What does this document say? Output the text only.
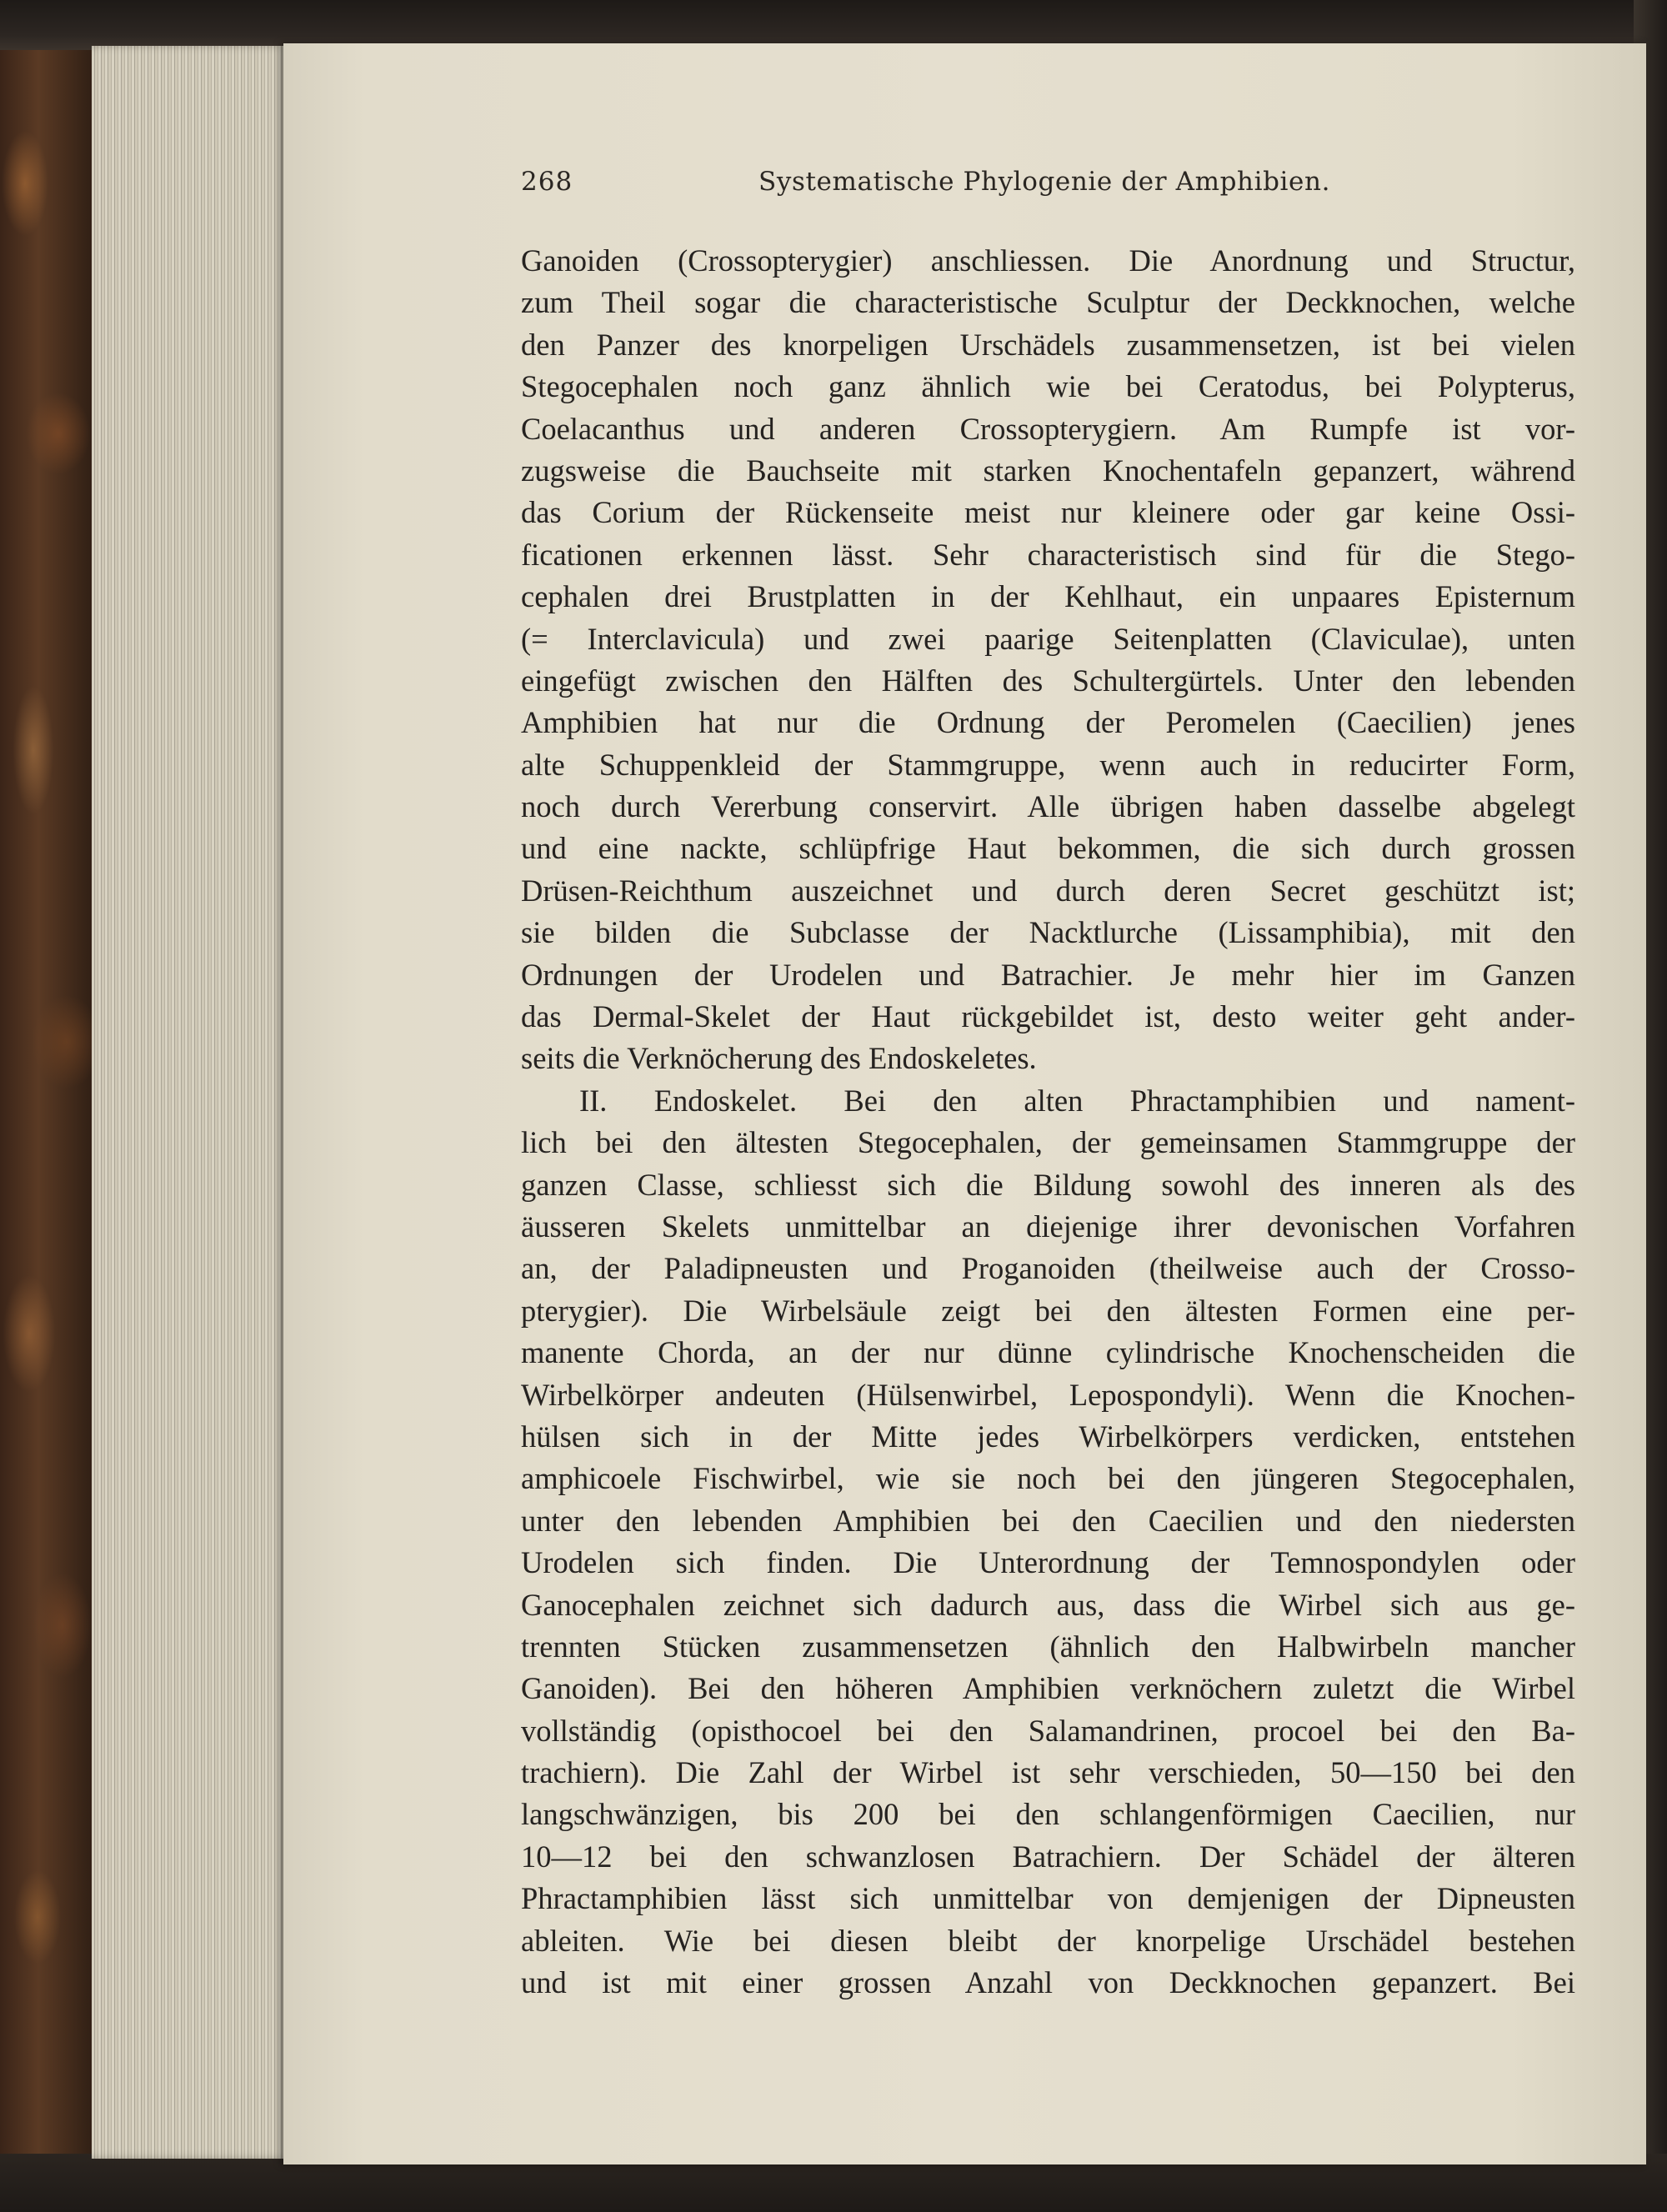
268	Systematische Phylogenie der Amphibien.
Ganoiden (Crossopterygier) anschliessen. Die Anordnung und Structur,
zum Theil sogar die characteristische Sculptur der Deckknochen, welche
den Panzer des knorpeligen Urschädels zusammensetzen, ist bei vielen
Stegocephalen noch ganz ähnlich wie bei Ceratodus, bei Polypterus,
Coelacanthus und anderen Crossopterygiern. Am Rumpfe ist vor-
zugsweise die Bauchseite mit starken Knochentafeln gepanzert, während
das Corium der Rückenseite meist nur kleinere oder gar keine Ossi-
ficationen erkennen lässt. Sehr characteristisch sind für die Stego-
cephalen drei Brustplatten in der Kehlhaut, ein unpaares Episternum
(= Interclavicula) und zwei paarige Seitenplatten (Claviculae), unten
eingefügt zwischen den Hälften des Schultergürtels. Unter den lebenden
Amphibien hat nur die Ordnung der Peromelen (Caecilien) jenes
alte Schuppenkleid der Stammgruppe, wenn auch in reducirter Form,
noch durch Vererbung conservirt. Alle übrigen haben dasselbe abgelegt
und eine nackte, schlüpfrige Haut bekommen, die sich durch grossen
Drüsen-Reichthum auszeichnet und durch deren Secret geschützt ist;
sie bilden die Subclasse der Nacktlurche (Lissamphibia), mit den
Ordnungen der Urodelen und Batrachier. Je mehr hier im Ganzen
das Dermal-Skelet der Haut rückgebildet ist, desto weiter geht ander-
seits die Verknöcherung des Endoskeletes.
II. Endoskelet. Bei den alten Phractamphibien und nament-
lich bei den ältesten Stegocephalen, der gemeinsamen Stammgruppe der
ganzen Classe, schliesst sich die Bildung sowohl des inneren als des
äusseren Skelets unmittelbar an diejenige ihrer devonischen Vorfahren
an, der Paladipneusten und Proganoiden (theilweise auch der Crosso-
pterygier). Die Wirbelsäule zeigt bei den ältesten Formen eine per-
manente Chorda, an der nur dünne cylindrische Knochenscheiden die
Wirbelkörper andeuten (Hülsenwirbel, Lepospondyli). Wenn die Knochen-
hülsen sich in der Mitte jedes Wirbelkörpers verdicken, entstehen
amphicoele Fischwirbel, wie sie noch bei den jüngeren Stegocephalen,
unter den lebenden Amphibien bei den Caecilien und den niedersten
Urodelen sich finden. Die Unterordnung der Temnospondylen oder
Ganocephalen zeichnet sich dadurch aus, dass die Wirbel sich aus ge-
trennten Stücken zusammensetzen (ähnlich den Halbwirbeln mancher
Ganoiden). Bei den höheren Amphibien verknöchern zuletzt die Wirbel
vollständig (opisthocoel bei den Salamandrinen, procoel bei den Ba-
trachiern). Die Zahl der Wirbel ist sehr verschieden, 50—150 bei den
langschwänzigen, bis 200 bei den schlangenförmigen Caecilien, nur
10—12 bei den schwanzlosen Batrachiern. Der Schädel der älteren
Phractamphibien lässt sich unmittelbar von demjenigen der Dipneusten
ableiten. Wie bei diesen bleibt der knorpelige Urschädel bestehen
und ist mit einer grossen Anzahl von Deckknochen gepanzert. Bei
